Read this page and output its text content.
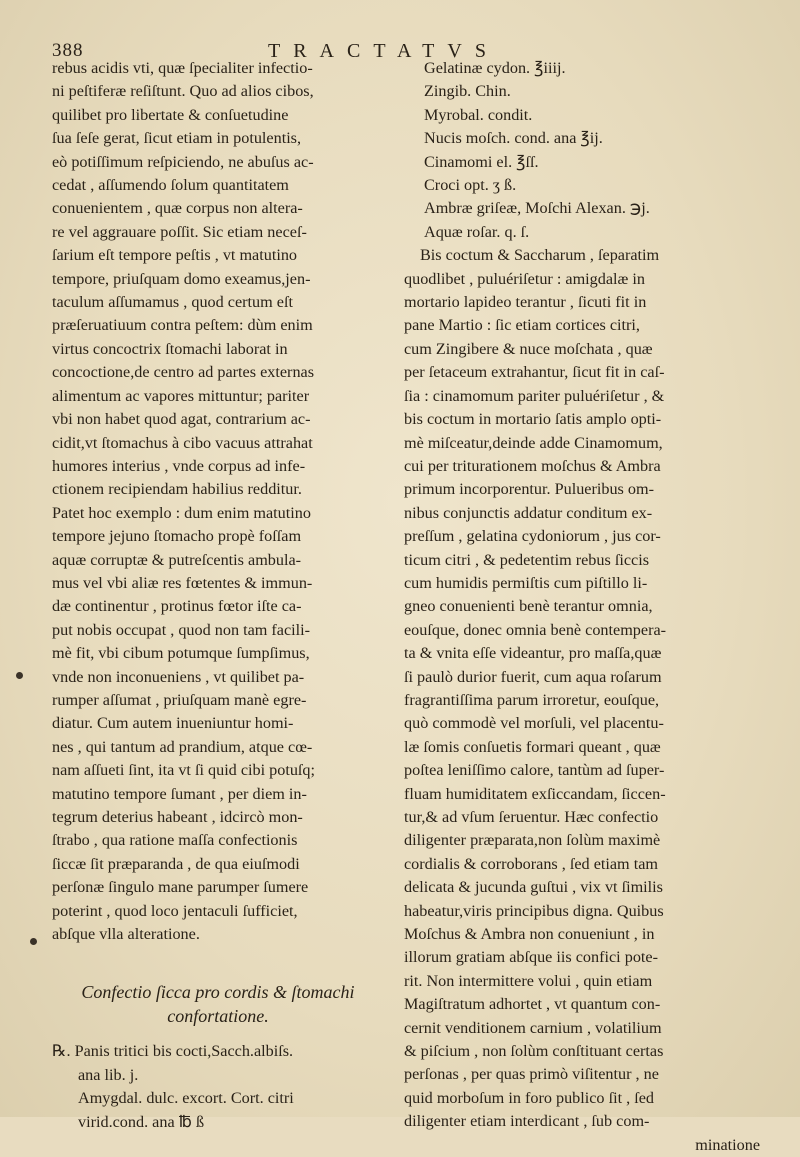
388	TRACTATVS
rebus acidis vti, quæ ſpecialiter infectio-
ni peſtiferæ reſiſtunt. Quo ad alios cibos,
quilibet pro libertate & conſuetudine
ſua ſeſe gerat, ſicut etiam in potulentis,
eò potiſſimum reſpiciendo, ne abuſus ac-
cedat , aſſumendo ſolum quantitatem
conuenientem , quæ corpus non altera-
re vel aggrauare poſſit. Sic etiam neceſ-
ſarium eſt tempore peſtis , vt matutino
tempore, priuſquam domo exeamus,jen-
taculum aſſumamus , quod certum eſt
præſeruatiuum contra peſtem: dùm enim
virtus concoctrix ſtomachi laborat in
concoctione,de centro ad partes externas
alimentum ac vapores mittuntur; pariter
vbi non habet quod agat, contrarium ac-
cidit,vt ſtomachus à cibo vacuus attrahat
humores interius , vnde corpus ad infe-
ctionem recipiendam habilius redditur.
Patet hoc exemplo : dum enim matutino
tempore jejuno ſtomacho propè foſſam
aquæ corruptæ & putreſcentis ambula-
mus vel vbi aliæ res fœtentes & immun-
dæ continentur , protinus fœtor iſte ca-
put nobis occupat , quod non tam facili-
mè fit, vbi cibum potumque ſumpſimus,
vnde non inconueniens , vt quilibet pa-
rumper aſſumat , priuſquam manè egre-
diatur. Cum autem inueniuntur homi-
nes , qui tantum ad prandium, atque cœ-
nam aſſueti ſint, ita vt ſi quid cibi potuſq;
matutino tempore ſumant , per diem in-
tegrum deterius habeant , idcircò mon-
ſtrabo , qua ratione maſſa confectionis
ſiccæ ſit præparanda , de qua eiuſmodi
perſonæ ſingulo mane parumper ſumere
poterint , quod loco jentaculi ſufficiet,
abſque vlla alteratione.
Confectio ſicca pro cordis & ſtomachi
confortatione.
℞. Panis tritici bis cocti,Sacch.albiſs.
ana lib. j.
Amygdal. dulc. excort. Cort. citri
virid.cond. ana ℔ ß
Gelatinæ cydon. ℥iiij.
Zingib. Chin.
Myrobal. condit.
Nucis moſch. cond. ana ℥ij.
Cinamomi el. ℥ſſ.
Croci opt. ʒ ß.
Ambræ griſeæ, Moſchi Alexan. ℈j.
Aquæ roſar. q. ſ.
Bis coctum & Saccharum , ſeparatim
quodlibet , puluériſetur : amigdalæ in
mortario lapideo terantur , ſicuti fit in
pane Martio : ſic etiam cortices citri,
cum Zingibere & nuce moſchata , quæ
per ſetaceum extrahantur, ſicut fit in caſ-
ſia : cinamomum pariter puluériſetur , &
bis coctum in mortario ſatis amplo opti-
mè miſceatur,deinde adde Cinamomum,
cui per triturationem moſchus & Ambra
primum incorporentur. Pulueribus om-
nibus conjunctis addatur conditum ex-
preſſum , gelatina cydoniorum , jus cor-
ticum citri , & pedetentim rebus ſiccis
cum humidis permiſtis cum piſtillo li-
gneo conuenienti benè terantur omnia,
eouſque, donec omnia benè contempera-
ta & vnita eſſe videantur, pro maſſa,quæ
ſi paulò durior fuerit, cum aqua roſarum
fragrantiſſima parum irroretur, eouſque,
quò commodè vel morſuli, vel placentu-
læ ſomis conſuetis formari queant , quæ
poſtea leniſſimo calore, tantùm ad ſuper-
fluam humiditatem exſiccandam, ſiccen-
tur,& ad vſum ſeruentur. Hæc confectio
diligenter præparata,non ſolùm maximè
cordialis & corroborans , ſed etiam tam
delicata & jucunda guſtui , vix vt ſimilis
habeatur,viris principibus digna. Quibus
Moſchus & Ambra non conueniunt , in
illorum gratiam abſque iis confici pote-
rit. Non intermittere volui , quin etiam
Magiſtratum adhortet , vt quantum con-
cernit venditionem carnium , volatilium
& piſcium , non ſolùm conſtituant certas
perſonas , per quas primò viſitentur , ne
quid morboſum in foro publico ſit , ſed
diligenter etiam interdicant , ſub com-
minatione
